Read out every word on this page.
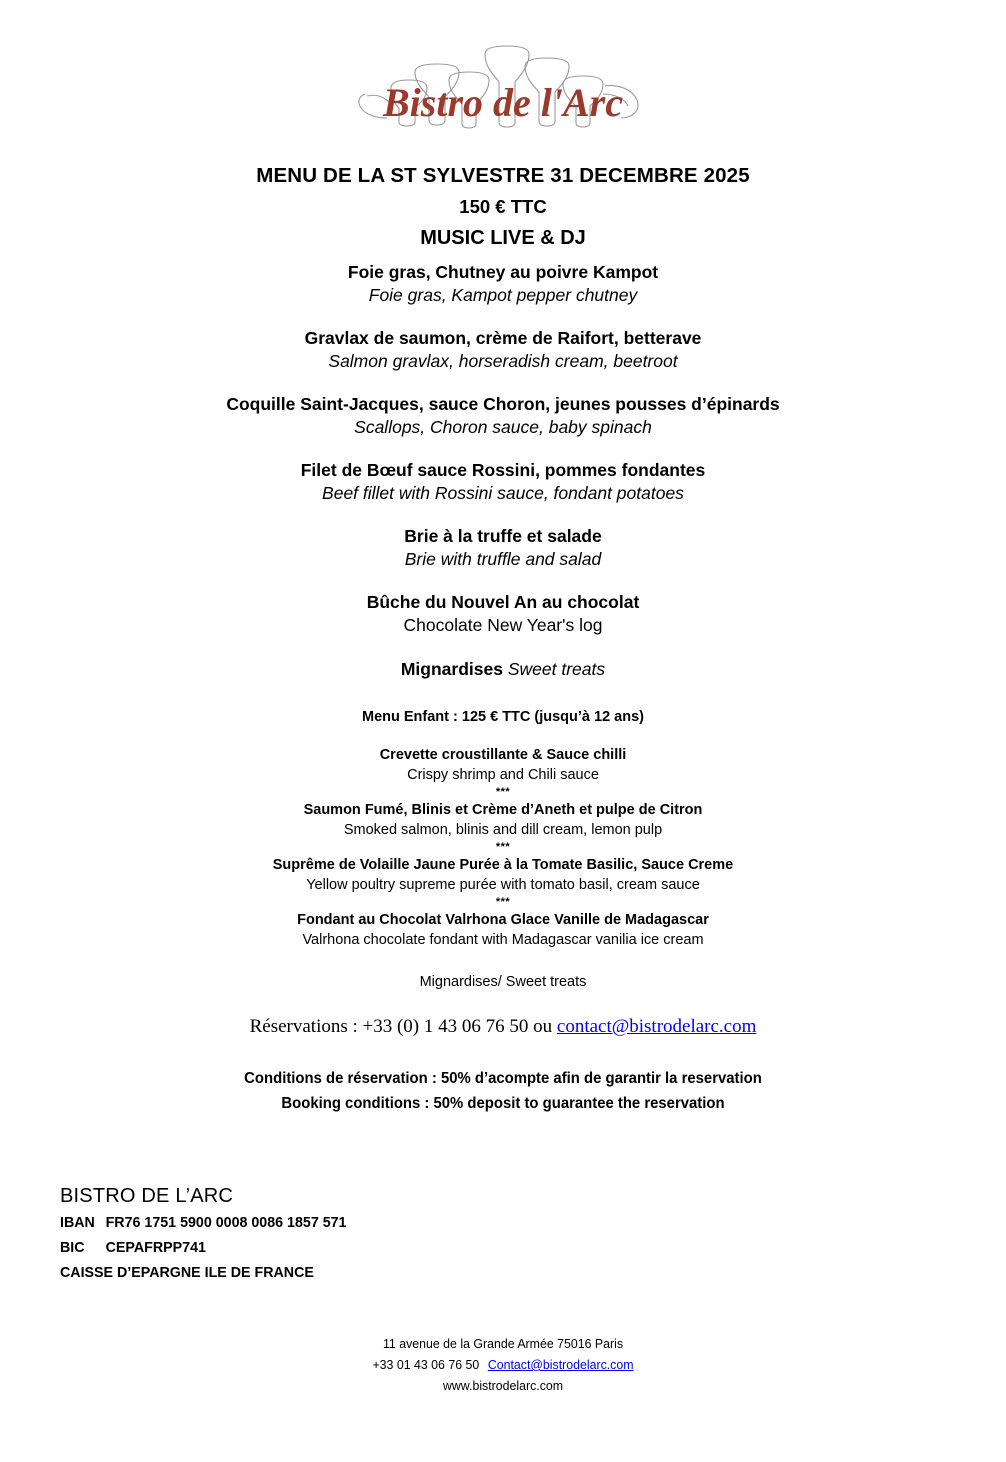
Bistro de l'Arc
MENU DE LA ST SYLVESTRE 31 DECEMBRE 2025
150 € TTC
MUSIC LIVE & DJ
Foie gras, Chutney au poivre Kampot
Foie gras, Kampot pepper chutney
Gravlax de saumon, crème de Raifort, betterave
Salmon gravlax, horseradish cream, beetroot
Coquille Saint-Jacques, sauce Choron, jeunes pousses d’épinards
Scallops, Choron sauce, baby spinach
Filet de Bœuf sauce Rossini, pommes fondantes
Beef fillet with Rossini sauce, fondant potatoes
Brie à la truffe et salade
Brie with truffle and salad
Bûche du Nouvel An au chocolat
Chocolate New Year's log
Mignardises Sweet treats
Menu Enfant : 125 € TTC (jusqu’à 12 ans)
Crevette croustillante & Sauce chilli
Crispy shrimp and Chili sauce
***
Saumon Fumé, Blinis et Crème d’Aneth et pulpe de Citron
Smoked salmon, blinis and dill cream, lemon pulp
***
Suprême de Volaille Jaune Purée à la Tomate Basilic, Sauce Creme
Yellow poultry supreme purée with tomato basil, cream sauce
***
Fondant au Chocolat Valrhona Glace Vanille de Madagascar
Valrhona chocolate fondant with Madagascar vanilia ice cream
Mignardises/ Sweet treats
Réservations : +33 (0) 1 43 06 76 50 ou contact@bistrodelarc.com
Conditions de réservation : 50% d’acompte afin de garantir la reservation
Booking conditions : 50% deposit to guarantee the reservation
BISTRO DE L’ARC
IBAN FR76 1751 5900 0008 0086 1857 571
BIC CEPAFRPP741
CAISSE D’EPARGNE ILE DE FRANCE
11 avenue de la Grande Armée 75016 Paris
+33 01 43 06 76 50 Contact@bistrodelarc.com
www.bistrodelarc.com
